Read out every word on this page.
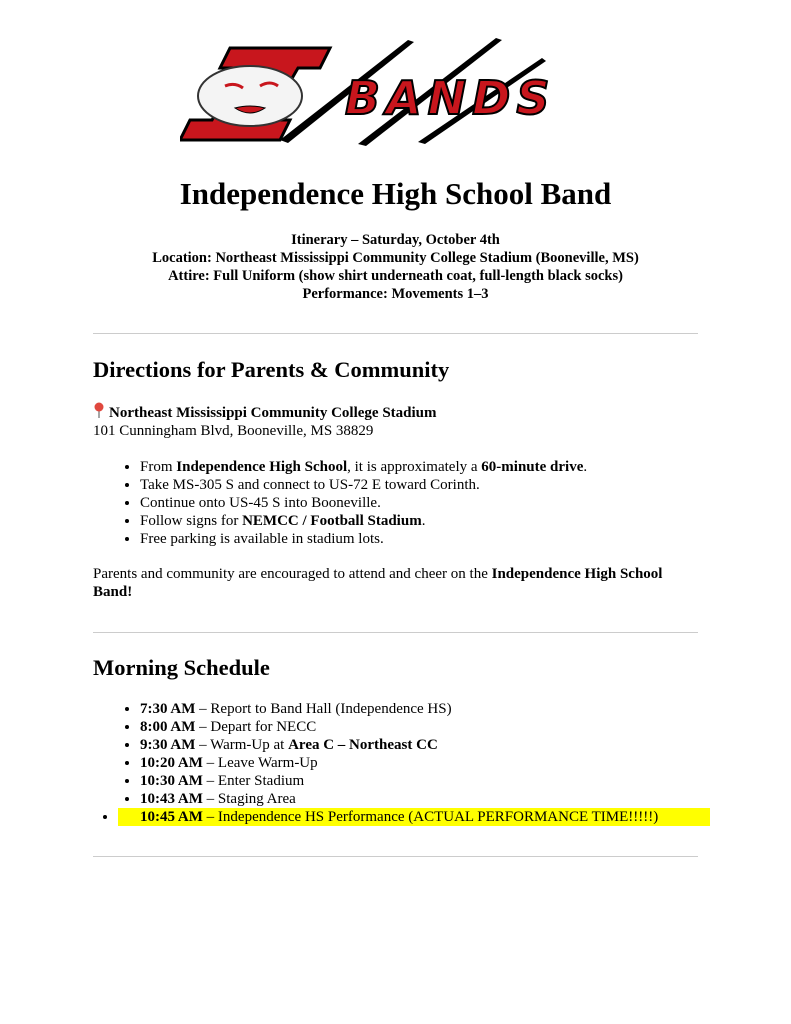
BANDS
Independence High School Band
Itinerary – Saturday, October 4th
Location: Northeast Mississippi Community College Stadium (Booneville, MS)
Attire: Full Uniform (show shirt underneath coat, full-length black socks)
Performance: Movements 1–3
Directions for Parents & Community
Northeast Mississippi Community College Stadium
101 Cunningham Blvd, Booneville, MS 38829
• From Independence High School, it is approximately a 60-minute drive.
• Take MS-305 S and connect to US-72 E toward Corinth.
• Continue onto US-45 S into Booneville.
• Follow signs for NEMCC / Football Stadium.
• Free parking is available in stadium lots.
Parents and community are encouraged to attend and cheer on the Independence High School Band!
Morning Schedule
• 7:30 AM – Report to Band Hall (Independence HS)
• 8:00 AM – Depart for NECC
• 9:30 AM – Warm-Up at Area C – Northeast CC
• 10:20 AM – Leave Warm-Up
• 10:30 AM – Enter Stadium
• 10:43 AM – Staging Area
• 10:45 AM – Independence HS Performance (ACTUAL PERFORMANCE TIME!!!!!)
